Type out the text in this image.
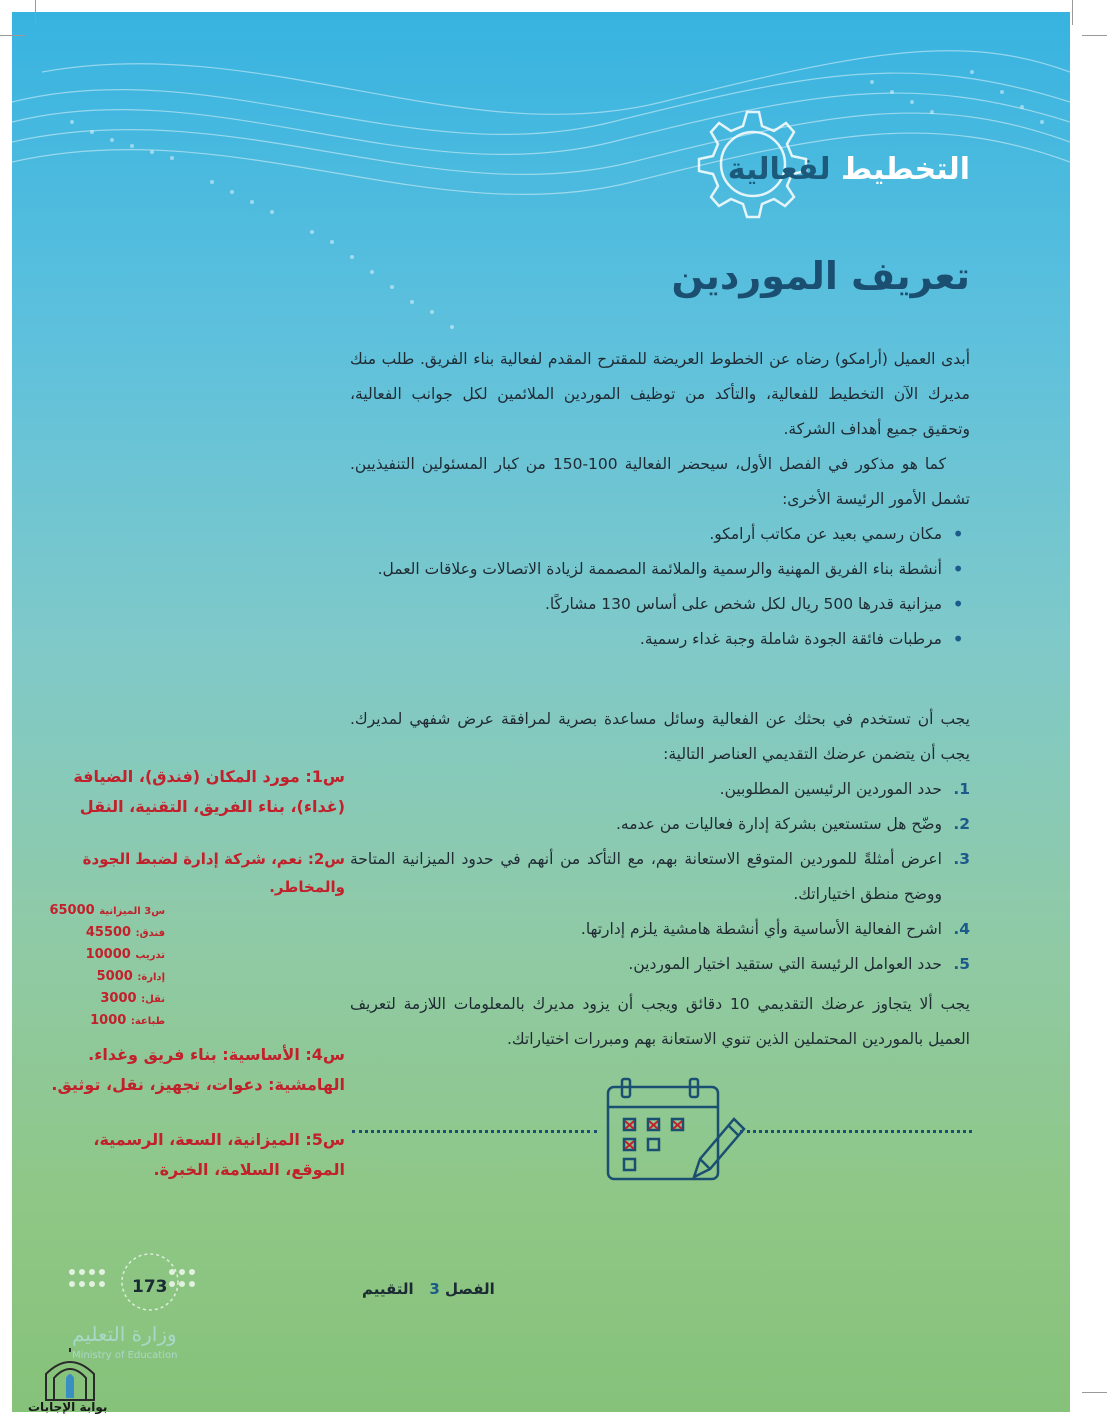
التخطيط لفعالية
تعريف الموردين

أبدى العميل (أرامكو) رضاه عن الخطوط العريضة للمقترح المقدم لفعالية بناء الفريق. طلب منك مديرك الآن التخطيط للفعالية، والتأكد من توظيف الموردين الملائمين لكل جوانب الفعالية، وتحقيق جميع أهداف الشركة.

كما هو مذكور في الفصل الأول، سيحضر الفعالية 100-150 من كبار المسئولين التنفيذيين. تشمل الأمور الرئيسة الأخرى:

• مكان رسمي بعيد عن مكاتب أرامكو.
• أنشطة بناء الفريق المهنية والرسمية والملائمة المصممة لزيادة الاتصالات وعلاقات العمل.
• ميزانية قدرها 500 ريال لكل شخص على أساس 130 مشاركًا.
• مرطبات فائقة الجودة شاملة وجبة غداء رسمية.

يجب أن تستخدم في بحثك عن الفعالية وسائل مساعدة بصرية لمرافقة عرض شفهي لمديرك. يجب أن يتضمن عرضك التقديمي العناصر التالية:

1.
حدد الموردين الرئيسين المطلوبين.
2.
وضّح هل ستستعين بشركة إدارة فعاليات من عدمه.
3.
اعرض أمثلةً للموردين المتوقع الاستعانة بهم، مع التأكد من أنهم في حدود الميزانية المتاحة ووضح منطق اختياراتك.
4.
اشرح الفعالية الأساسية وأي أنشطة هامشية يلزم إدارتها.
5.
حدد العوامل الرئيسة التي ستقيد اختيار الموردين.

يجب ألا يتجاوز عرضك التقديمي 10 دقائق ويجب أن يزود مديرك بالمعلومات اللازمة لتعريف العميل بالموردين المحتملين الذين تنوي الاستعانة بهم ومبررات اختياراتك.

س1: مورد المكان (فندق)، الضيافة
(غداء)، بناء الفريق، التقنية، النقل
س2: نعم، شركة إدارة لضبط الجودة
والمخاطر.
س3 الميزانية 65000
فندق: 45500
تدريب 10000
إدارة: 5000
نقل: 3000
طباعة: 1000
س4: الأساسية: بناء فريق وغداء.
الهامشية: دعوات، تجهيز، نقل، توثيق.
س5: الميزانية، السعة، الرسمية،
الموقع، السلامة، الخبرة.
الفصل 3   التقييم
173
وزارة التعليم
Ministry of Education
بوابة الإجابات
